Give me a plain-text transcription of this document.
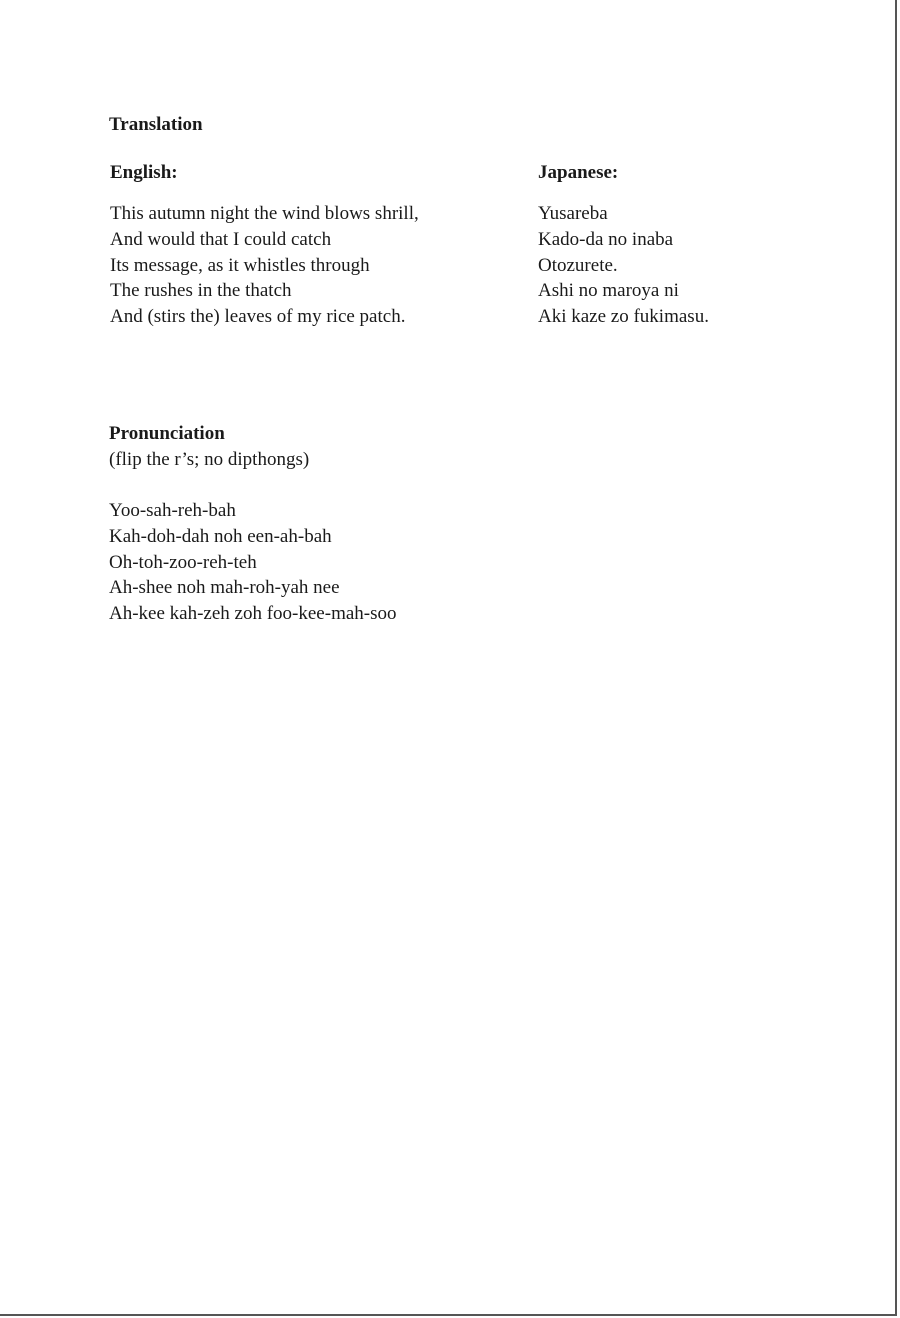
Translation
English:	Japanese:
This autumn night the wind blows shrill,
And would that I could catch
Its message, as it whistles through
The rushes in the thatch
And (stirs the) leaves of my rice patch.
Yusareba
Kado-da no inaba
Otozurete.
Ashi no maroya ni
Aki kaze zo fukimasu.
Pronunciation

(flip the r’s; no dipthongs)

Yoo-sah-reh-bah
Kah-doh-dah noh een-ah-bah
Oh-toh-zoo-reh-teh
Ah-shee noh mah-roh-yah nee
Ah-kee kah-zeh zoh foo-kee-mah-soo
